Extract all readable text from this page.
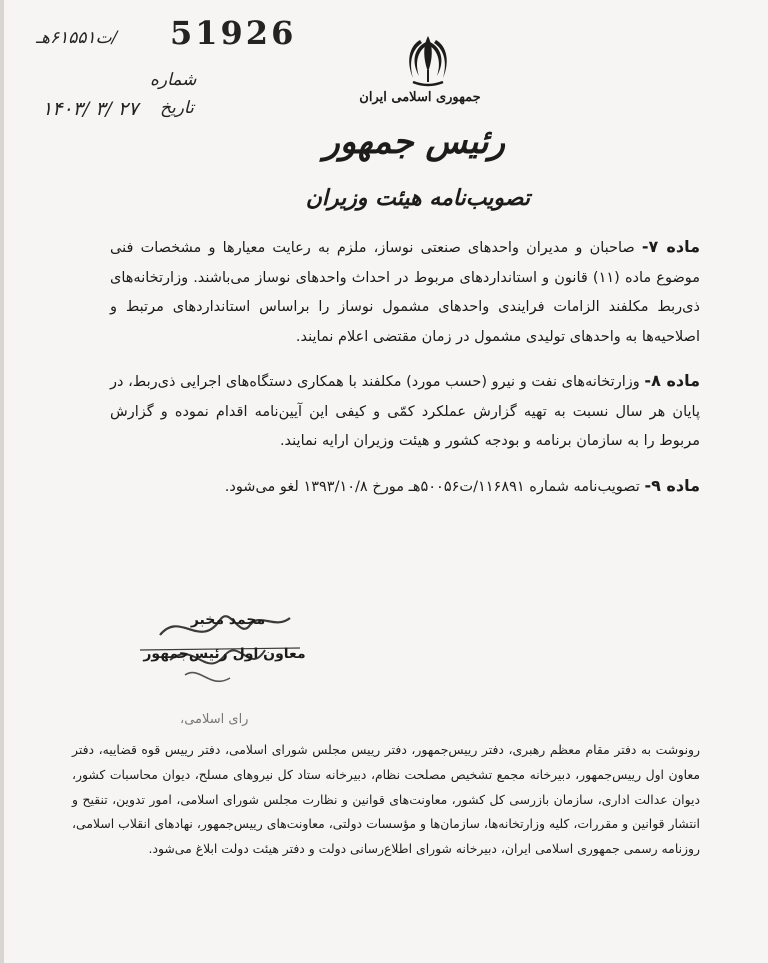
51926
/ت۶۱۵۵۱هـ
شماره
تاریخ
۱۴۰۳/ ۳/ ۲۷
جمهوری اسلامی ایران
رئیس جمهور
تصویب‌نامه هیئت وزیران

ماده ۷- صاحبان و مدیران واحدهای صنعتی نوساز، ملزم به رعایت معیارها و مشخصات فنی موضوع ماده (۱۱) قانون و استانداردهای مربوط در احداث واحدهای نوساز می‌باشند. وزارتخانه‌های ذی‌ربط مکلفند الزامات فرایندی واحدهای مشمول نوساز را براساس استانداردهای مرتبط و اصلاحیه‌ها به واحدهای تولیدی مشمول در زمان مقتضی اعلام نمایند.

ماده ۸- وزارتخانه‌های نفت و نیرو (حسب مورد) مکلفند با همکاری دستگاه‌های اجرایی ذی‌ربط، در پایان هر سال نسبت به تهیه گزارش عملکرد کمّی و کیفی این آیین‌نامه اقدام نموده و گزارش مربوط را به سازمان برنامه و بودجه کشور و هیئت وزیران ارایه نمایند.

ماده ۹- تصویب‌نامه شماره ۱۱۶۸۹۱/ت۵۰۰۵۶هـ مورخ ۱۳۹۳/۱۰/۸ لغو می‌شود.

محمد مخبر
معاون اول رئیس‌جمهور
رای اسلامی،

رونوشت به دفتر مقام معظم رهبری، دفتر رییس‌جمهور، دفتر رییس مجلس شورای اسلامی، دفتر رییس قوه قضاییه، دفتر معاون اول رییس‌جمهور، دبیرخانه مجمع تشخیص مصلحت نظام، دبیرخانه ستاد کل نیروهای مسلح، دیوان محاسبات کشور، دیوان عدالت اداری، سازمان بازرسی کل کشور، معاونت‌های قوانین و نظارت مجلس شورای اسلامی، امور تدوین، تنقیح و انتشار قوانین و مقررات، کلیه وزارتخانه‌ها، سازمان‌ها و مؤسسات دولتی، معاونت‌های رییس‌جمهور، نهادهای انقلاب اسلامی، روزنامه رسمی جمهوری اسلامی ایران، دبیرخانه شورای اطلاع‌رسانی دولت و دفتر هیئت دولت ابلاغ می‌شود.
